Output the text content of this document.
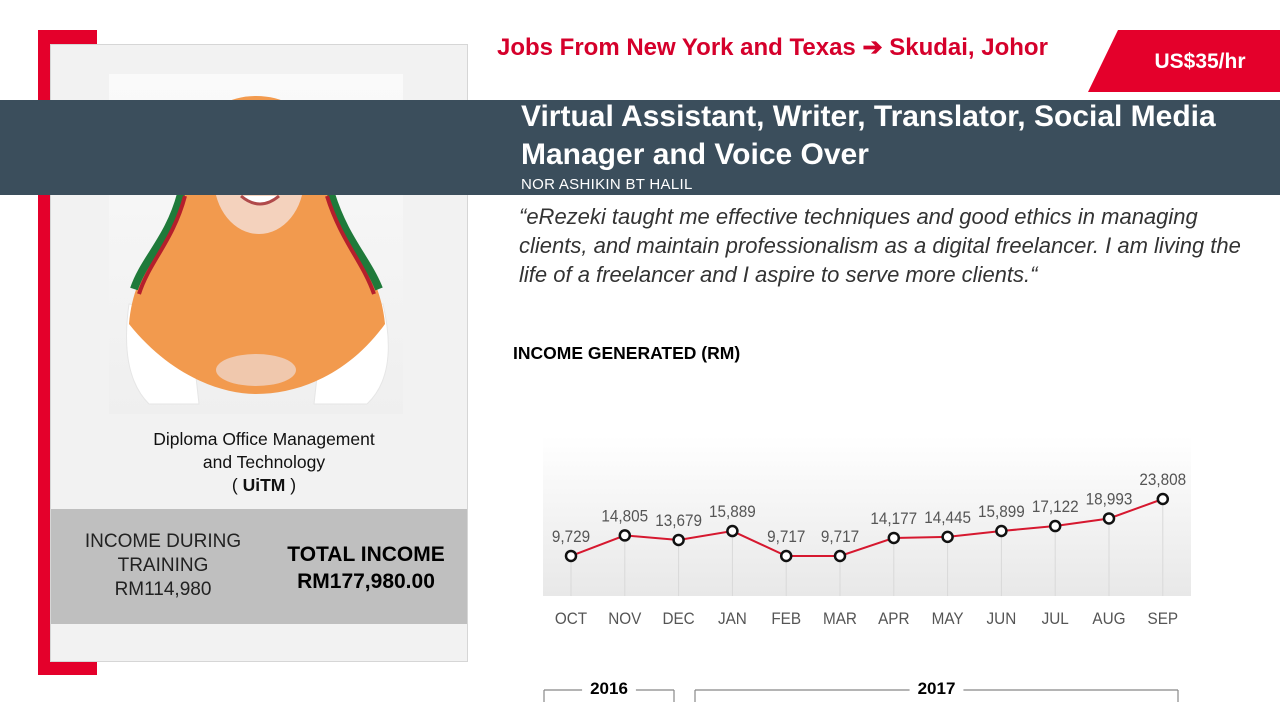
Diploma Office Management
and Technology
( UiTM )
INCOME DURING
TRAINING
RM114,980
TOTAL INCOME
RM177,980.00
Jobs From New York and Texas ➔ Skudai, Johor
US$35/hr
Virtual Assistant, Writer, Translator, Social Media Manager and Voice Over
NOR ASHIKIN BT HALIL
“eRezeki taught me effective techniques and good ethics in managing clients, and maintain professionalism as a digital freelancer. I am living the life of a freelancer and I aspire to serve more clients.“
INCOME GENERATED (RM)
9,729
14,805 13,679 15,889
9,717 9,717
14,177 14,445 15,899 17,122 18,993
23,808
OCT NOV DEC JAN FEB MAR APR MAY JUN JUL AUG SEP
2016	2017
